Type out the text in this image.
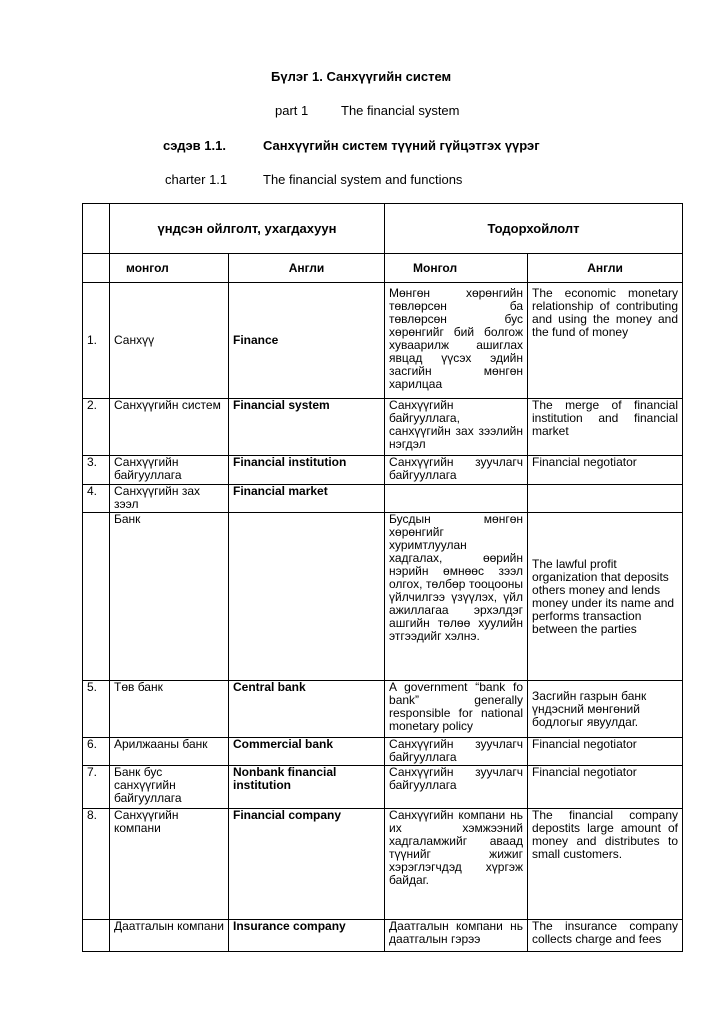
Бүлэг 1. Санхүүгийн систем
part 1	The financial system
сэдэв 1.1.	Санхүүгийн систем түүний гүйцэтгэх үүрэг
charter 1.1	The financial system and functions
	үндсэн ойлголт, ухагдахуун		Тодорхойлолт	
	монгол	Англи	Монгол	Англи
1.	Санхүү	Finance	Мөнгөн хөрөнгийн төвлөрсөн ба төвлөрсөн бус хөрөнгийг бий болгож хуваарилж ашиглах явцад үүсэх эдийн засгийн мөнгөн харилцаа	The economic monetary relationship of contributing and using the money and the fund of money
2.	Санхүүгийн систем	Financial system	Санхүүгийн байгууллага, санхүүгийн зах зээлийн нэгдэл	The merge of financial institution and financial market
3.	Санхүүгийн байгууллага	Financial institution	Санхүүгийн зуучлагч байгууллага	Financial negotiator
4.	Санхүүгийн зах зээл	Financial market		
	Банк		Бусдын мөнгөн хөрөнгийг хуримтлуулан хадгалах, өөрийн нэрийн өмнөөс зээл олгох, төлбөр тооцооны үйлчилгээ үзүүлэх, үйл ажиллагаа эрхэлдэг ашгийн төлөө хуулийн этгээдийг хэлнэ.	The lawful profit organization that deposits others money and lends money under its name and performs transaction between the parties
5.	Төв банк	Central bank	A government “bank fo bank” generally responsible for national monetary policy	Засгийн газрын банк үндэсний мөнгөний бодлогыг явуулдаг.
6.	Арилжааны банк	Commercial bank	Санхүүгийн зуучлагч байгууллага	Financial negotiator
7.	Банк бус санхүүгийн байгууллага	Nonbank financial institution	Санхүүгийн зуучлагч байгууллага	Financial negotiator
8.	Санхүүгийн компани	Financial company	Санхүүгийн компани нь их хэмжээний хадгаламжийг аваад түүнийг жижиг хэрэглэгчдэд хүргэж байдаг.	The financial company depostits large amount of money and distributes to small customers.
	Даатгалын компани	Insurance company	Даатгалын компани нь даатгалын гэрээ	The insurance company collects charge and fees
